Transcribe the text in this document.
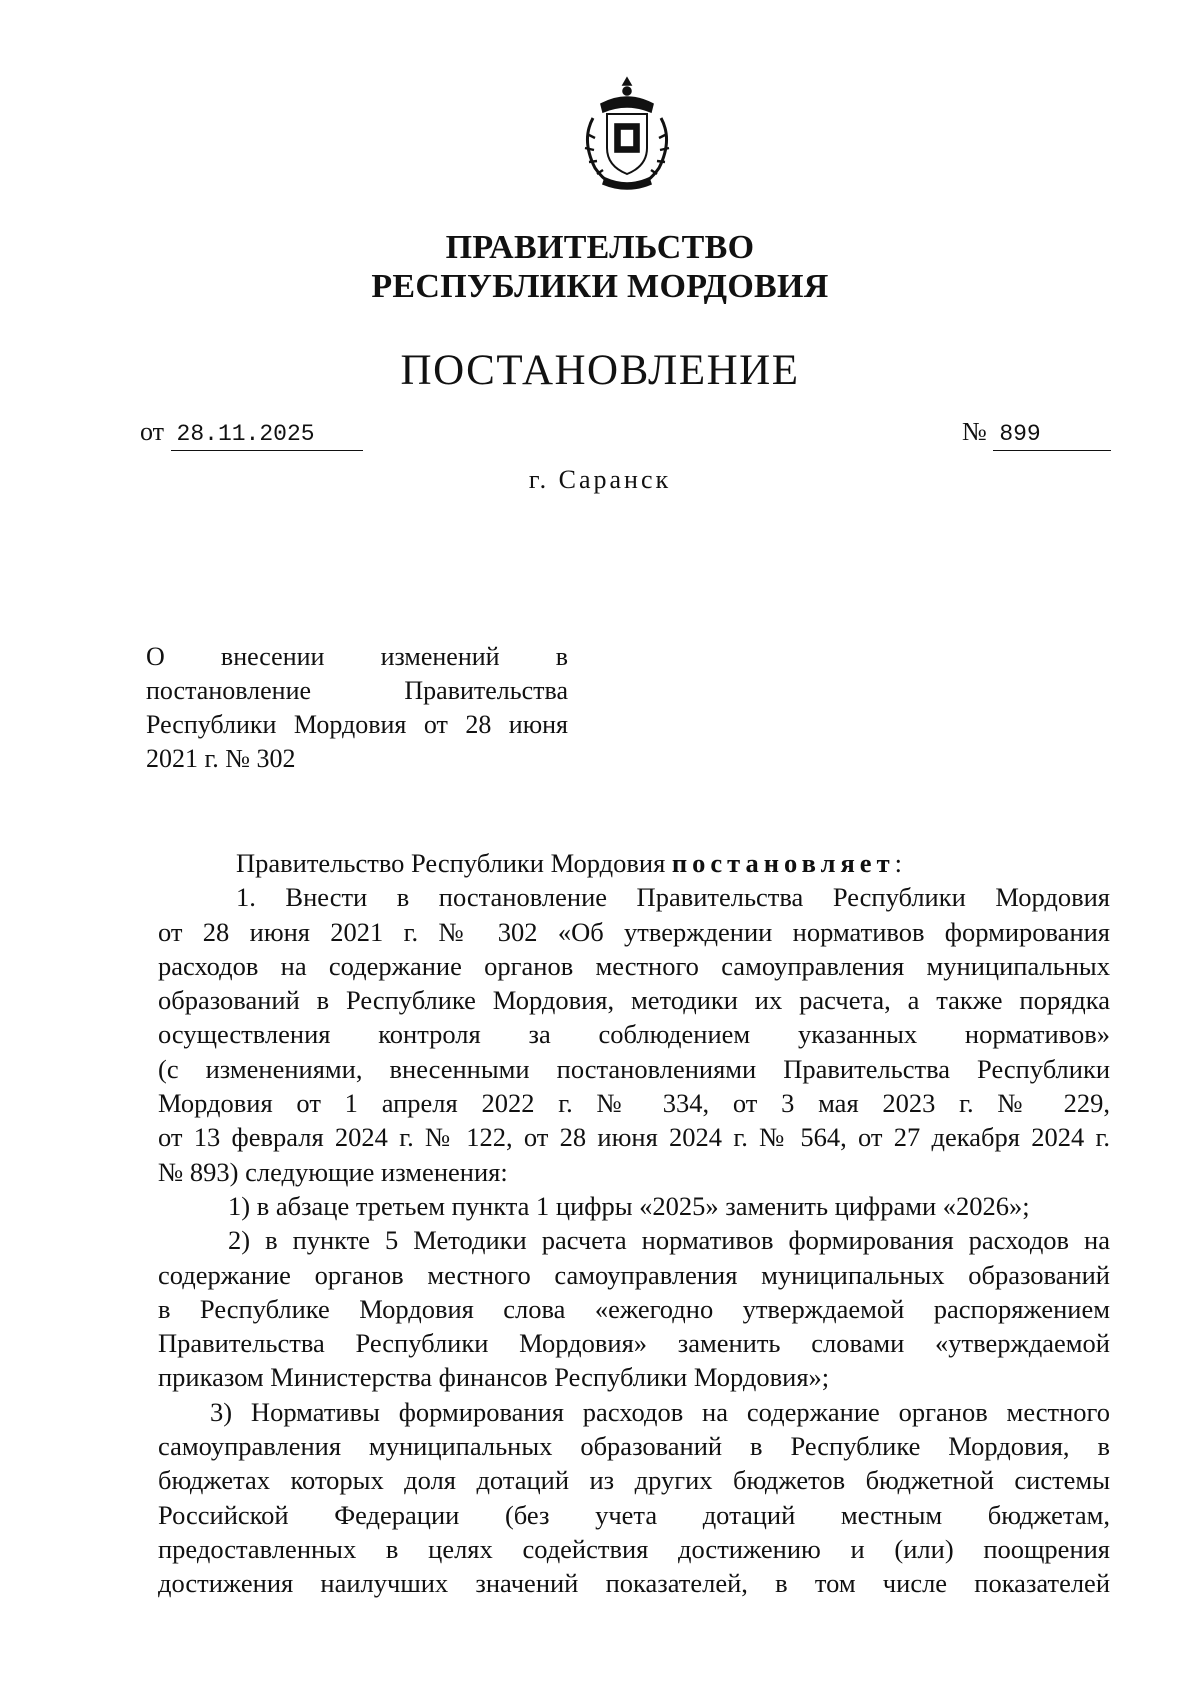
ПРАВИТЕЛЬСТВО
РЕСПУБЛИКИ МОРДОВИЯ
ПОСТАНОВЛЕНИЕ
от 28.11.2025	№ 899
г. Саранск
О внесении изменений в
постановление Правительства
Республики Мордовия от 28 июня
2021 г. № 302
Правительство Республики Мордовия постановляет:
1. Внести в постановление Правительства Республики Мордовия
от 28 июня 2021 г. № 302 «Об утверждении нормативов формирования
расходов на содержание органов местного самоуправления муниципальных
образований в Республике Мордовия, методики их расчета, а также порядка
осуществления контроля за соблюдением указанных нормативов»
(с изменениями, внесенными постановлениями Правительства Республики
Мордовия от 1 апреля 2022 г. № 334, от 3 мая 2023 г. № 229,
от 13 февраля 2024 г. № 122, от 28 июня 2024 г. № 564, от 27 декабря 2024 г.
№ 893) следующие изменения:
1) в абзаце третьем пункта 1 цифры «2025» заменить цифрами «2026»;
2) в пункте 5 Методики расчета нормативов формирования расходов на
содержание органов местного самоуправления муниципальных образований
в Республике Мордовия слова «ежегодно утверждаемой распоряжением
Правительства Республики Мордовия» заменить словами «утверждаемой
приказом Министерства финансов Республики Мордовия»;
3) Нормативы формирования расходов на содержание органов местного
самоуправления муниципальных образований в Республике Мордовия, в
бюджетах которых доля дотаций из других бюджетов бюджетной системы
Российской Федерации (без учета дотаций местным бюджетам,
предоставленных в целях содействия достижению и (или) поощрения
достижения наилучших значений показателей, в том числе показателей
